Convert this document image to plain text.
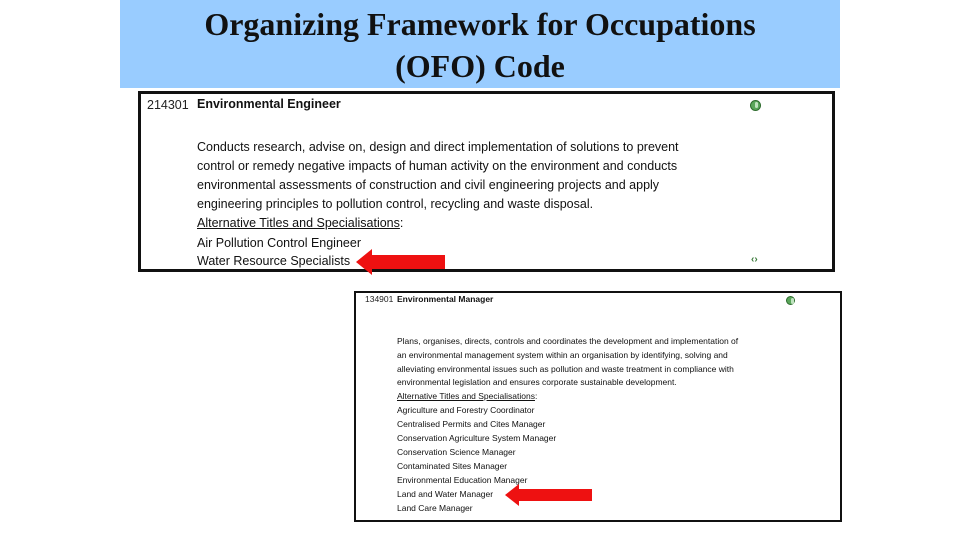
Organizing Framework for Occupations
(OFO) Code
214301 Environmental Engineer
Conducts research, advise on, design and direct implementation of solutions to prevent
control or remedy negative impacts of human activity on the environment and conducts
environmental assessments of construction and civil engineering projects and apply
engineering principles to pollution control, recycling and waste disposal.
Alternative Titles and Specialisations:
Air Pollution Control Engineer
Water Resource Specialists	‹›
134901 Environmental Manager
Plans, organises, directs, controls and coordinates the development and implementation of
an environmental management system within an organisation by identifying, solving and
alleviating environmental issues such as pollution and waste treatment in compliance with
environmental legislation and ensures corporate sustainable development.
Alternative Titles and Specialisations:
Agriculture and Forestry Coordinator
Centralised Permits and Cites Manager
Conservation Agriculture System Manager
Conservation Science Manager
Contaminated Sites Manager
Environmental Education Manager
Land and Water Manager
Land Care Manager
